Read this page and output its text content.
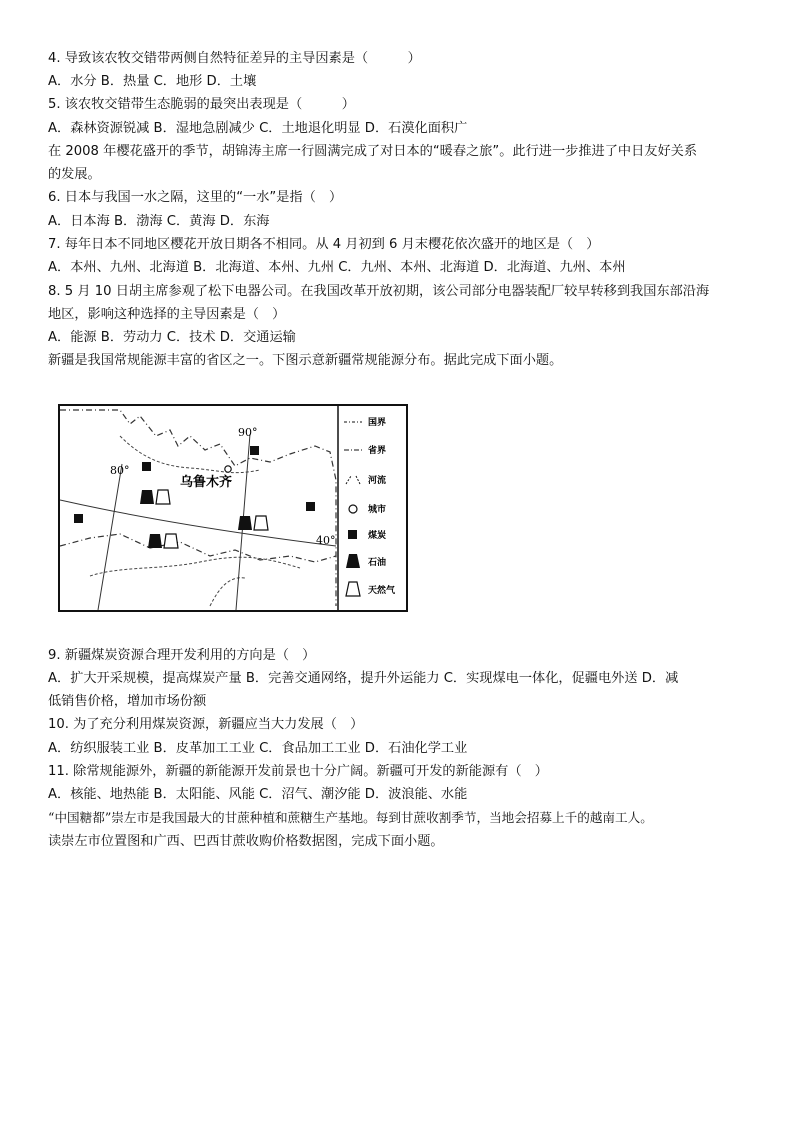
4. 导致该农牧交错带两侧自然特征差异的主导因素是（　　　）
A．水分 B．热量 C．地形 D．土壤
5. 该农牧交错带生态脆弱的最突出表现是（　　　）
A．森林资源锐减 B．湿地急剧减少 C．土地退化明显 D．石漠化面积广
在 2008 年樱花盛开的季节，胡锦涛主席一行圆满完成了对日本的“暖春之旅”。此行进一步推进了中日友好关系
的发展。
6. 日本与我国一水之隔，这里的“一水”是指（　）
A．日本海 B．渤海 C．黄海 D．东海
7. 每年日本不同地区樱花开放日期各不相同。从 4 月初到 6 月末樱花依次盛开的地区是（　）
A．本州、九州、北海道 B．北海道、本州、九州 C．九州、本州、北海道 D．北海道、九州、本州
8. 5 月 10 日胡主席参观了松下电器公司。在我国改革开放初期，该公司部分电器装配厂较早转移到我国东部沿海
地区，影响这种选择的主导因素是（　）
A．能源 B．劳动力 C．技术 D．交通运输
新疆是我国常规能源丰富的省区之一。下图示意新疆常规能源分布。据此完成下面小题。
80°
90°
40°
乌鲁木齐
国界
省界
河流
城市
煤炭
石油
天然气
9. 新疆煤炭资源合理开发利用的方向是（　）
A．扩大开采规模，提高煤炭产量 B．完善交通网络，提升外运能力 C．实现煤电一体化，促疆电外送 D．减
低销售价格，增加市场份额
10. 为了充分利用煤炭资源，新疆应当大力发展（　）
A．纺织服装工业 B．皮革加工工业 C．食品加工工业 D．石油化学工业
11. 除常规能源外，新疆的新能源开发前景也十分广阔。新疆可开发的新能源有（　）
A．核能、地热能 B．太阳能、风能 C．沼气、潮汐能 D．波浪能、水能
“中国糖都”崇左市是我国最大的甘蔗种植和蔗糖生产基地。每到甘蔗收割季节，当地会招募上千的越南工人。
读崇左市位置图和广西、巴西甘蔗收购价格数据图，完成下面小题。
